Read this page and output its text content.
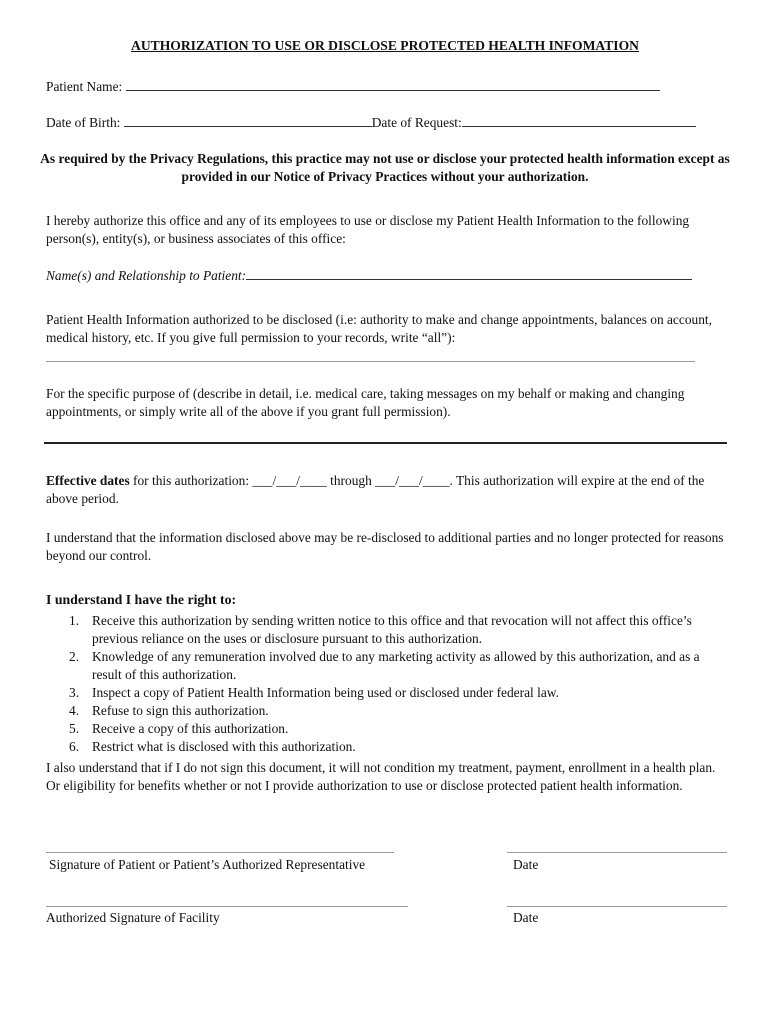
AUTHORIZATION TO USE OR DISCLOSE PROTECTED HEALTH INFOMATION
Patient Name:
Date of Birth:	Date of Request:
As required by the Privacy Regulations, this practice may not use or disclose your protected health information except as provided in our Notice of Privacy Practices without your authorization.
I hereby authorize this office and any of its employees to use or disclose my Patient Health Information to the following person(s), entity(s), or business associates of this office:
Name(s) and Relationship to Patient:
Patient Health Information authorized to be disclosed (i.e: authority to make and change appointments, balances on account, medical history, etc. If you give full permission to your records, write “all”):
For the specific purpose of (describe in detail, i.e. medical care, taking messages on my behalf or making and changing appointments, or simply write all of the above if you grant full permission).
Effective dates for this authorization: ___/___/____ through ___/___/____. This authorization will expire at the end of the above period.
I understand that the information disclosed above may be re-disclosed to additional parties and no longer protected for reasons beyond our control.
I understand I have the right to:
1. Receive this authorization by sending written notice to this office and that revocation will not affect this office’s previous reliance on the uses or disclosure pursuant to this authorization.
2. Knowledge of any remuneration involved due to any marketing activity as allowed by this authorization, and as a result of this authorization.
3. Inspect a copy of Patient Health Information being used or disclosed under federal law.
4. Refuse to sign this authorization.
5. Receive a copy of this authorization.
6. Restrict what is disclosed with this authorization.
I also understand that if I do not sign this document, it will not condition my treatment, payment, enrollment in a health plan. Or eligibility for benefits whether or not I provide authorization to use or disclose protected patient health information.
Signature of Patient or Patient’s Authorized Representative	Date
Authorized Signature of Facility	Date
